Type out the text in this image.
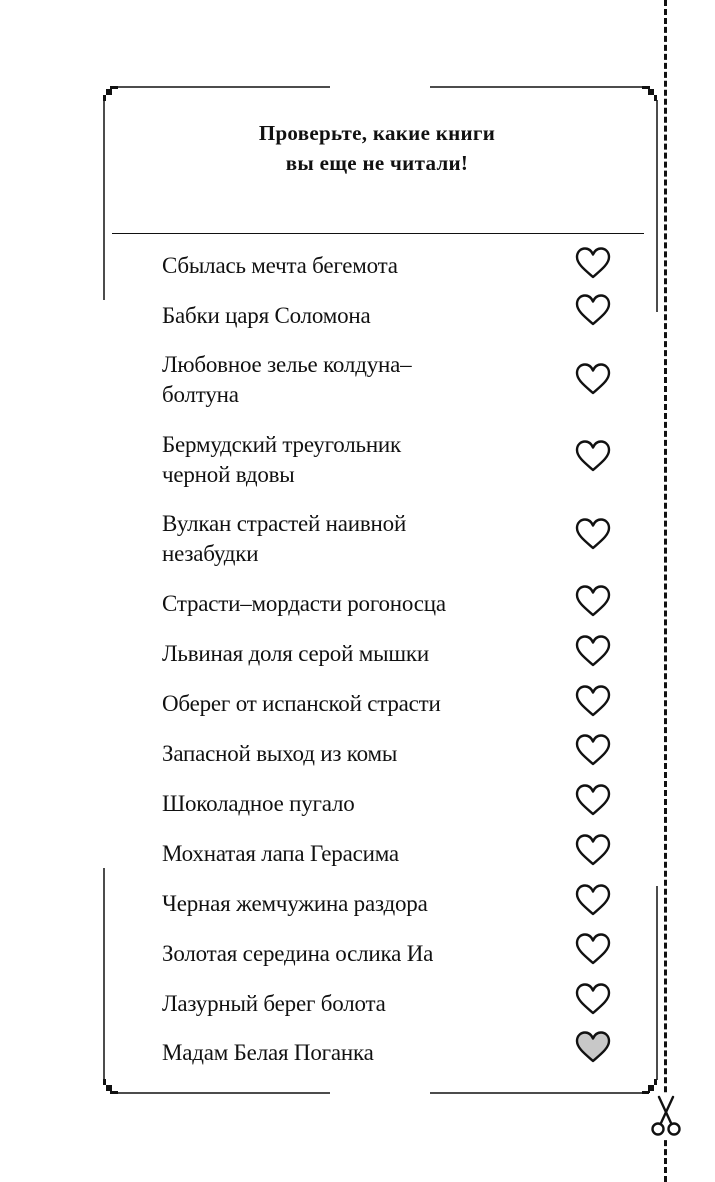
Проверьте, какие книги
вы еще не читали!
Сбылась мечта бегемота
Бабки царя Соломона
Любовное зелье колдуна–
болтуна
Бермудский треугольник
черной вдовы
Вулкан страстей наивной
незабудки
Страсти–мордасти рогоносца
Львиная доля серой мышки
Оберег от испанской страсти
Запасной выход из комы
Шоколадное пугало
Мохнатая лапа Герасима
Черная жемчужина раздора
Золотая середина ослика Иа
Лазурный берег болота
Мадам Белая Поганка
